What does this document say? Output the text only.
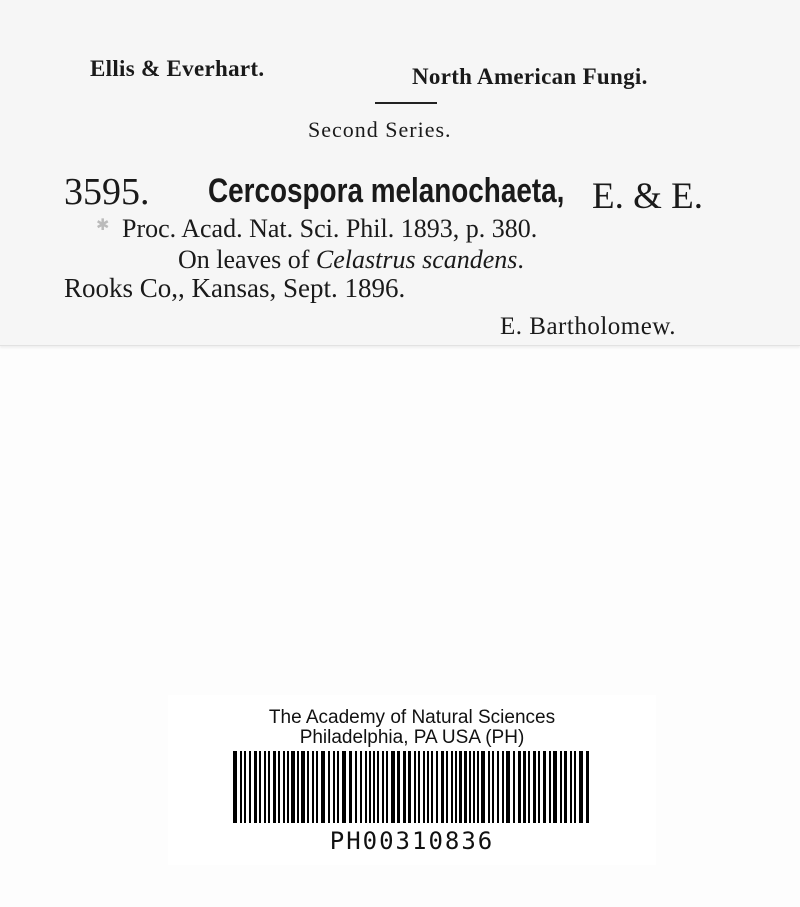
Ellis & Everhart.	North American Fungi.
Second Series.
3595. Cercospora melanochaeta, E. & E.
✱ Proc. Acad. Nat. Sci. Phil. 1893, p. 380.
On leaves of Celastrus scandens.
Rooks Co,, Kansas, Sept. 1896.
E. Bartholomew.
The Academy of Natural Sciences
Philadelphia, PA USA (PH)
PH00310836
